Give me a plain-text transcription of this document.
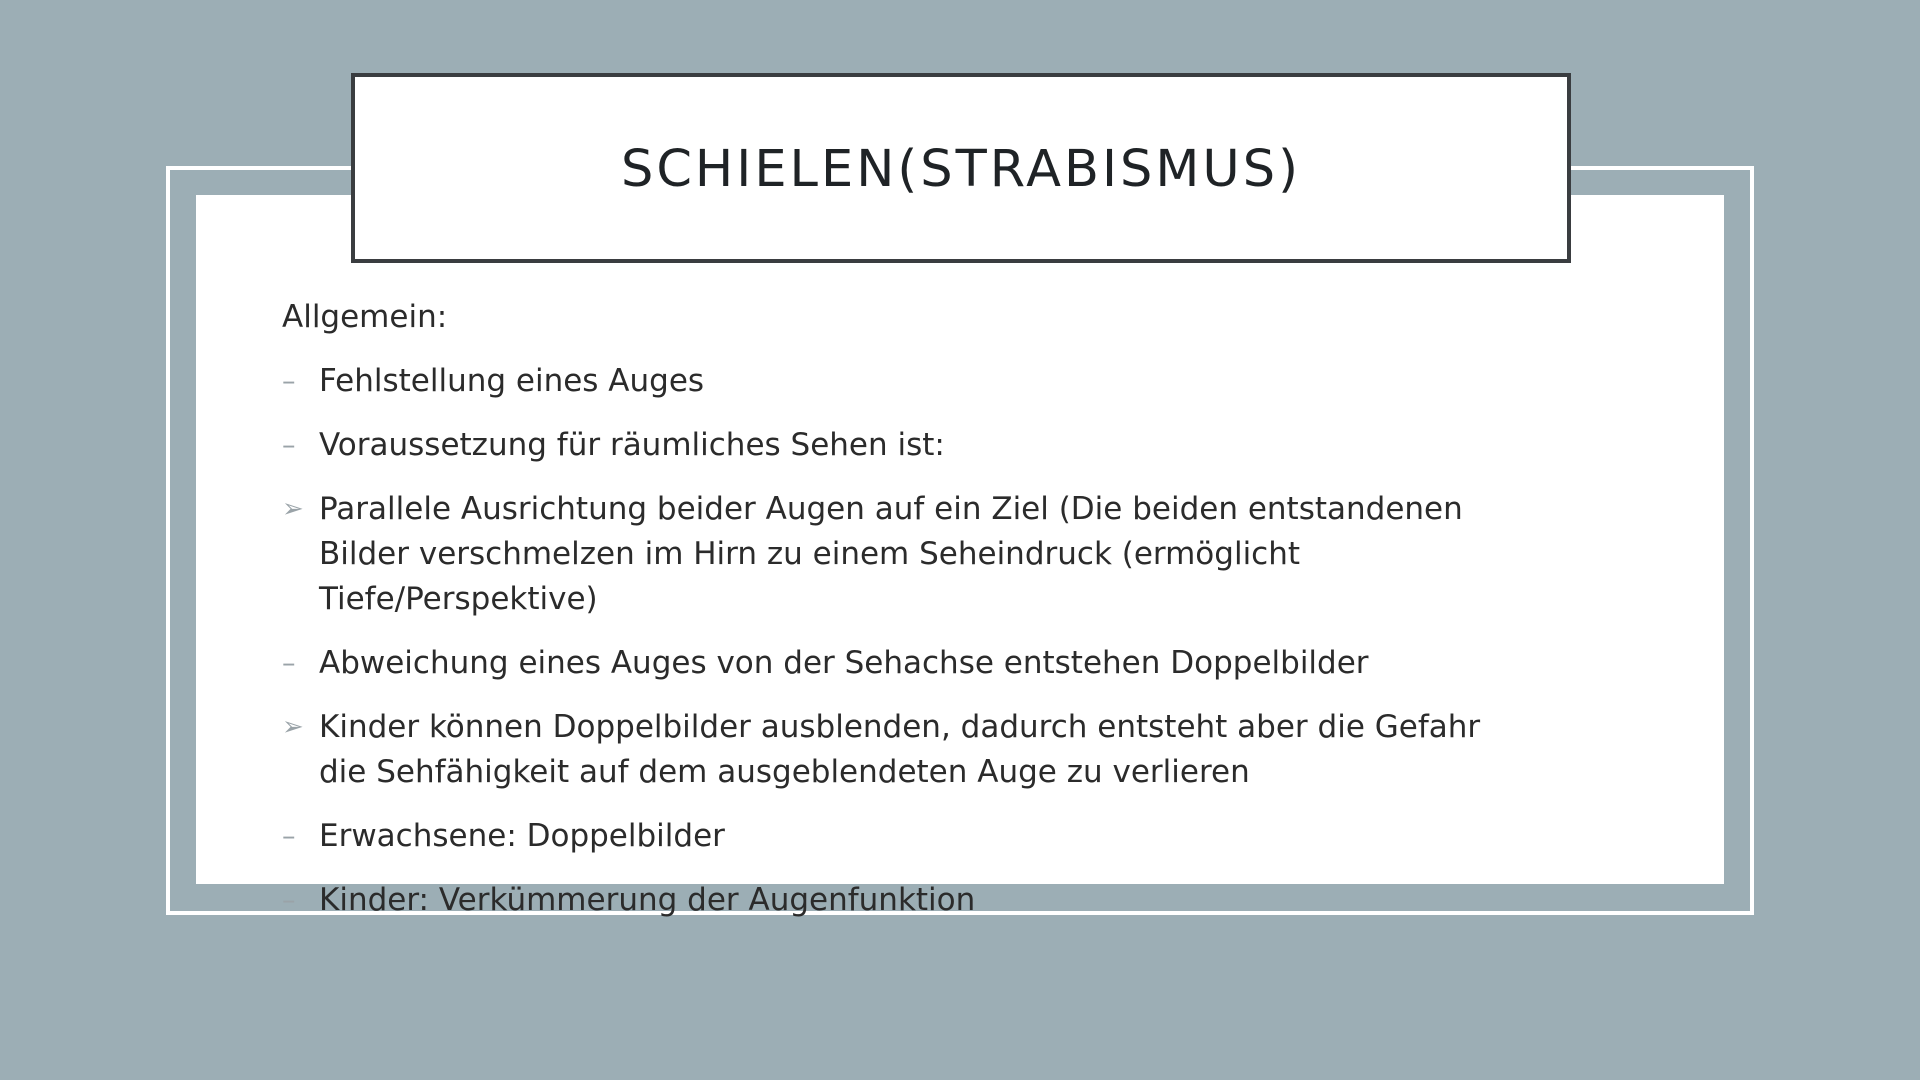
SCHIELEN(STRABISMUS)
Allgemein:
– Fehlstellung eines Auges
– Voraussetzung für räumliches Sehen ist:
➢ Parallele Ausrichtung beider Augen auf ein Ziel (Die beiden entstandenen Bilder verschmelzen im Hirn zu einem Seheindruck (ermöglicht Tiefe/Perspektive)
– Abweichung eines Auges von der Sehachse entstehen Doppelbilder
➢ Kinder können Doppelbilder ausblenden, dadurch entsteht aber die Gefahr die Sehfähigkeit auf dem ausgeblendeten Auge zu verlieren
– Erwachsene: Doppelbilder
– Kinder: Verkümmerung der Augenfunktion
